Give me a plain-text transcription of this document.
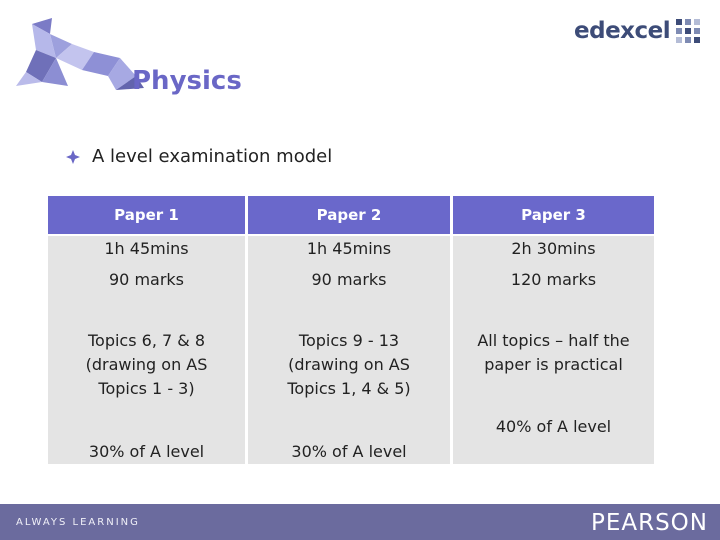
edexcel
Physics
A level examination model
Paper 1
1h 45mins
90 marks
Topics 6, 7 & 8
(drawing on AS
Topics 1 - 3)
30% of A level
Paper 2
1h 45mins
90 marks
Topics 9 - 13
(drawing on AS
Topics 1, 4 & 5)
30% of A level
Paper 3
2h 30mins
120 marks
All topics – half the
paper is practical
40% of A level
ALWAYS LEARNING	PEARSON
